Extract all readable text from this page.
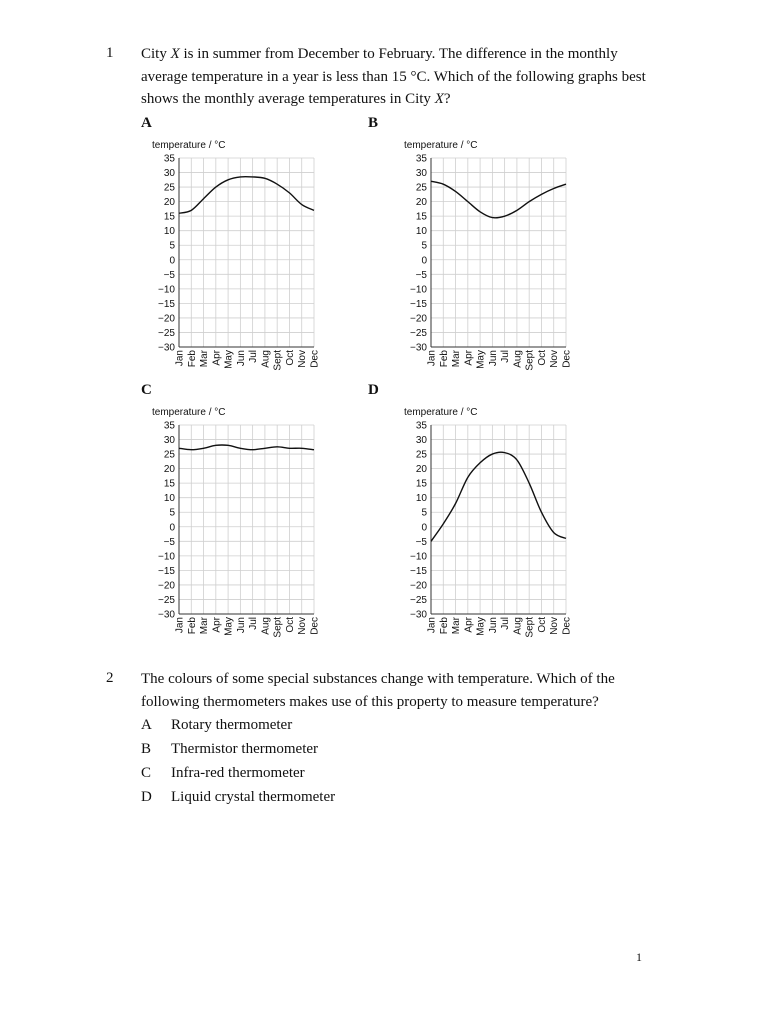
1 City X is in summer from December to February. The difference in the monthly average temperature in a year is less than 15 °C. Which of the following graphs best shows the monthly average temperatures in City X?
A	B
C	D
temperature / °C
35
30
25
20
15
10
5
0
−5
−10
−15
−20
−25
−30
Jan Feb Mar Apr May Jun Jul Aug Sept Oct Nov Dec
temperature / °C
35
30
25
20
15
10
5
0
−5
−10
−15
−20
−25
−30
Jan Feb Mar Apr May Jun Jul Aug Sept Oct Nov Dec
temperature / °C
35
30
25
20
15
10
5
0
−5
−10
−15
−20
−25
−30
Jan Feb Mar Apr May Jun Jul Aug Sept Oct Nov Dec
temperature / °C
35
30
25
20
15
10
5
0
−5
−10
−15
−20
−25
−30
Jan Feb Mar Apr May Jun Jul Aug Sept Oct Nov Dec
2 The colours of some special substances change with temperature. Which of the following thermometers makes use of this property to measure temperature?
A Rotary thermometer
B Thermistor thermometer
C Infra-red thermometer
D Liquid crystal thermometer
1
